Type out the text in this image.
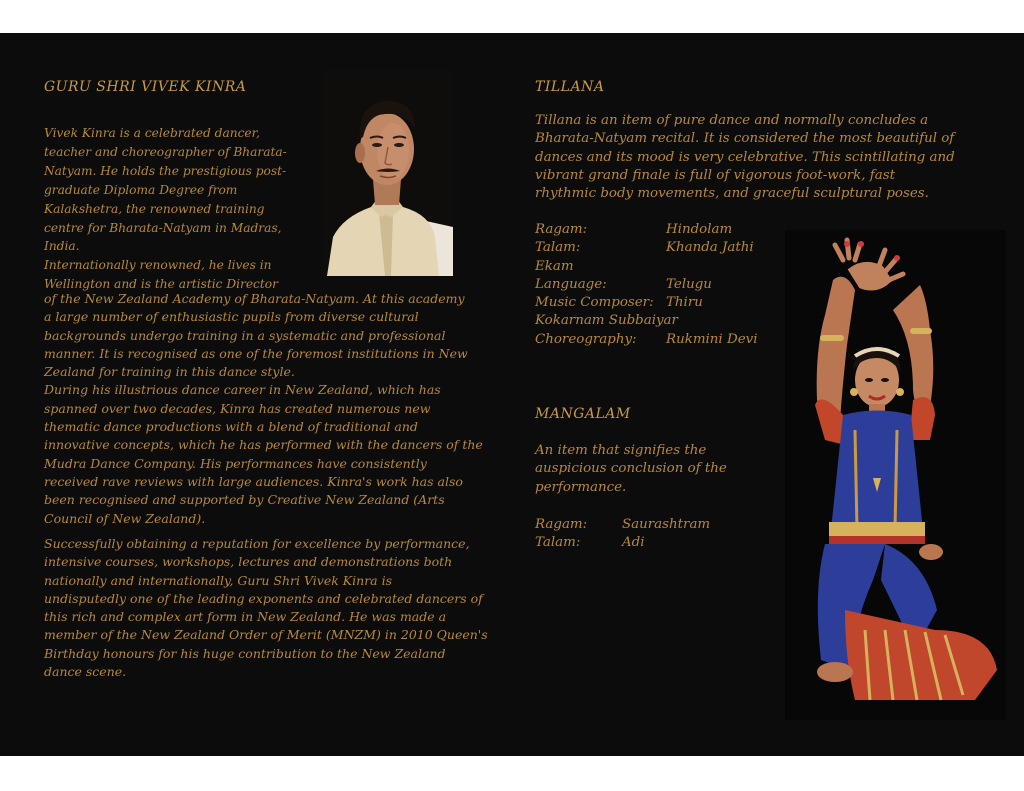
GURU SHRI VIVEK KINRA
Vivek Kinra is a celebrated dancer,
teacher and choreographer of Bharata-
Natyam. He holds the prestigious post-
graduate Diploma Degree from
Kalakshetra, the renowned training
centre for Bharata-Natyam in Madras,
India.
Internationally renowned, he lives in
Wellington and is the artistic Director
of the New Zealand Academy of Bharata-Natyam. At this academy
a large number of enthusiastic pupils from diverse cultural
backgrounds undergo training in a systematic and professional
manner. It is recognised as one of the foremost institutions in New
Zealand for training in this dance style.
During his illustrious dance career in New Zealand, which has
spanned over two decades, Kinra has created numerous new
thematic dance productions with a blend of traditional and
innovative concepts, which he has performed with the dancers of the
Mudra Dance Company. His performances have consistently
received rave reviews with large audiences. Kinra's work has also
been recognised and supported by Creative New Zealand (Arts
Council of New Zealand).
Successfully obtaining a reputation for excellence by performance,
intensive courses, workshops, lectures and demonstrations both
nationally and internationally, Guru Shri Vivek Kinra is
undisputedly one of the leading exponents and celebrated dancers of
this rich and complex art form in New Zealand. He was made a
member of the New Zealand Order of Merit (MNZM) in 2010 Queen's
Birthday honours for his huge contribution to the New Zealand
dance scene.
TILLANA
Tillana is an item of pure dance and normally concludes a
Bharata-Natyam recital. It is considered the most beautiful of
dances and its mood is very celebrative. This scintillating and
vibrant grand finale is full of vigorous foot-work, fast
rhythmic body movements, and graceful sculptural poses.
Ragam:	Hindolam
Talam:	Khanda Jathi
Ekam
Language:	Telugu
Music Composer: Thiru
Kokarnam Subbaiyar
Choreography: Rukmini Devi
MANGALAM
An item that signifies the
auspicious conclusion of the
performance.
Ragam:	Saurashtram
Talam:	Adi
